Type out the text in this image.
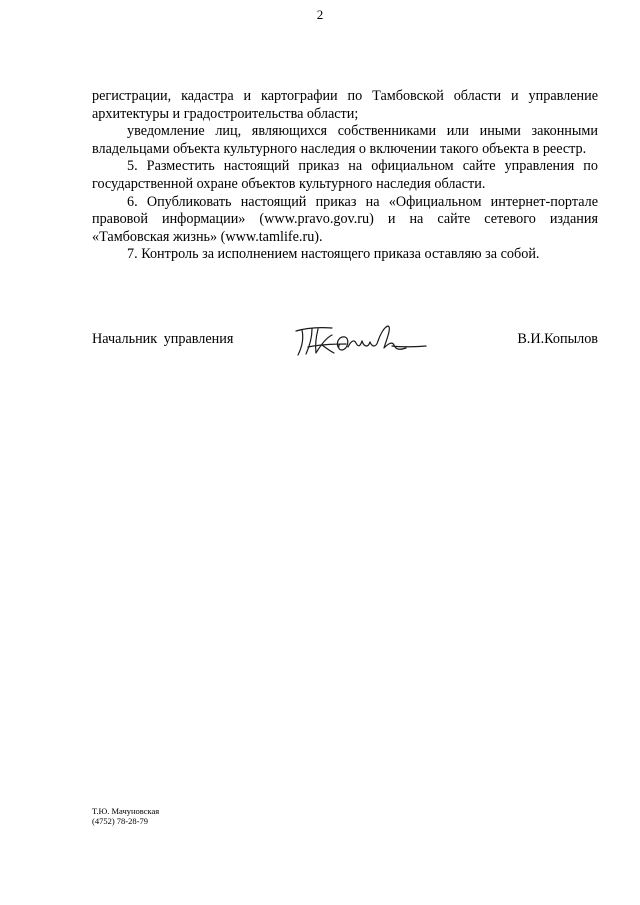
2

регистрации, кадастра и картографии по Тамбовской области и управление архитектуры и градостроительства области;

уведомление лиц, являющихся собственниками или иными законными владельцами объекта культурного наследия о включении такого объекта в реестр.

5. Разместить настоящий приказ на официальном сайте управления по государственной охране объектов культурного наследия области.

6. Опубликовать настоящий приказ на «Официальном интернет-портале правовой информации» (www.pravo.gov.ru) и на сайте сетевого издания «Тамбовская жизнь» (www.tamlife.ru).

7. Контроль за исполнением настоящего приказа оставляю за собой.

Начальник управления	В.И.Копылов
Т.Ю. Мачуновская
(4752) 78-28-79
